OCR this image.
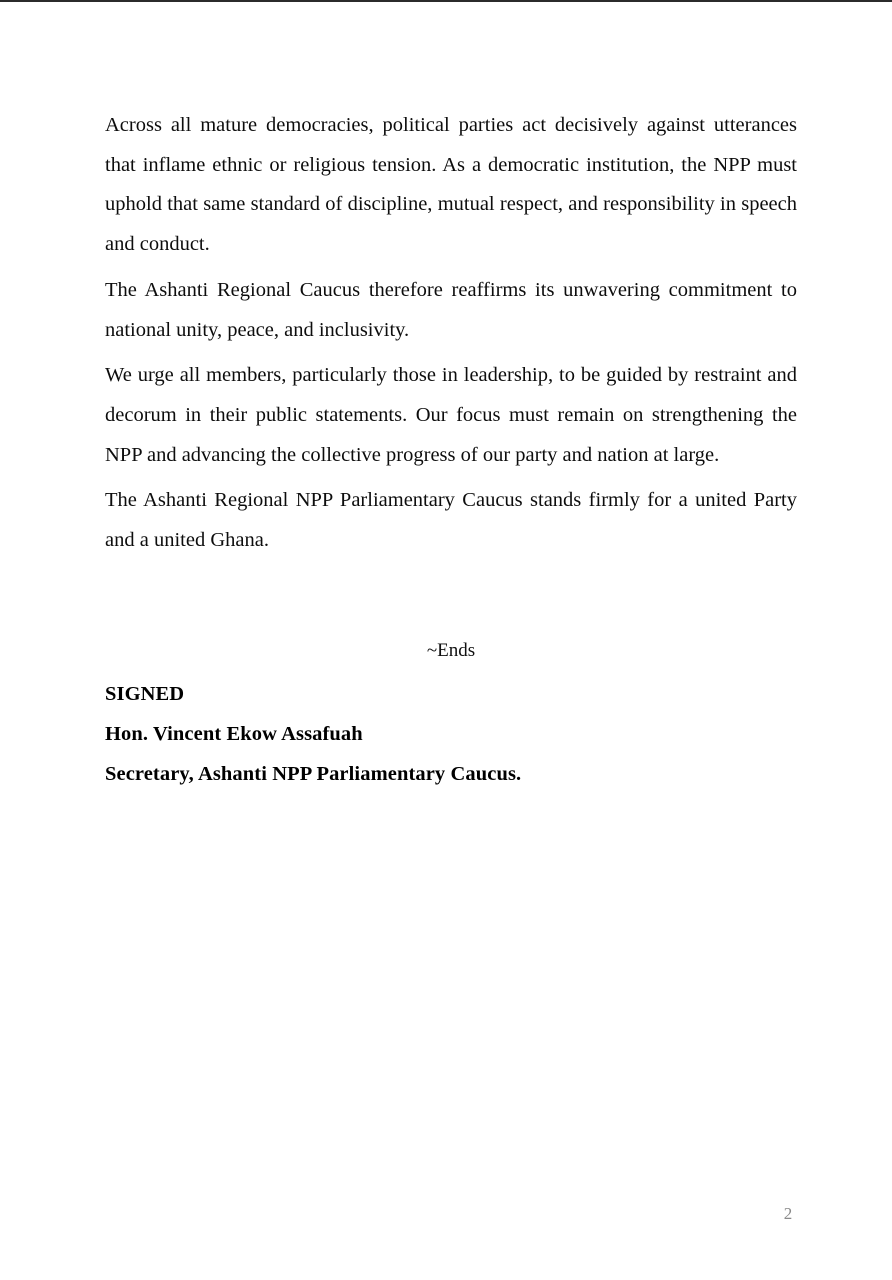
Across all mature democracies, political parties act decisively against utterances that inflame ethnic or religious tension. As a democratic institution, the NPP must uphold that same standard of discipline, mutual respect, and responsibility in speech and conduct.

The Ashanti Regional Caucus therefore reaffirms its unwavering commitment to national unity, peace, and inclusivity.

We urge all members, particularly those in leadership, to be guided by restraint and decorum in their public statements. Our focus must remain on strengthening the NPP and advancing the collective progress of our party and nation at large.

The Ashanti Regional NPP Parliamentary Caucus stands firmly for a united Party and a united Ghana.

~Ends
SIGNED
Hon. Vincent Ekow Assafuah
Secretary, Ashanti NPP Parliamentary Caucus.
2
